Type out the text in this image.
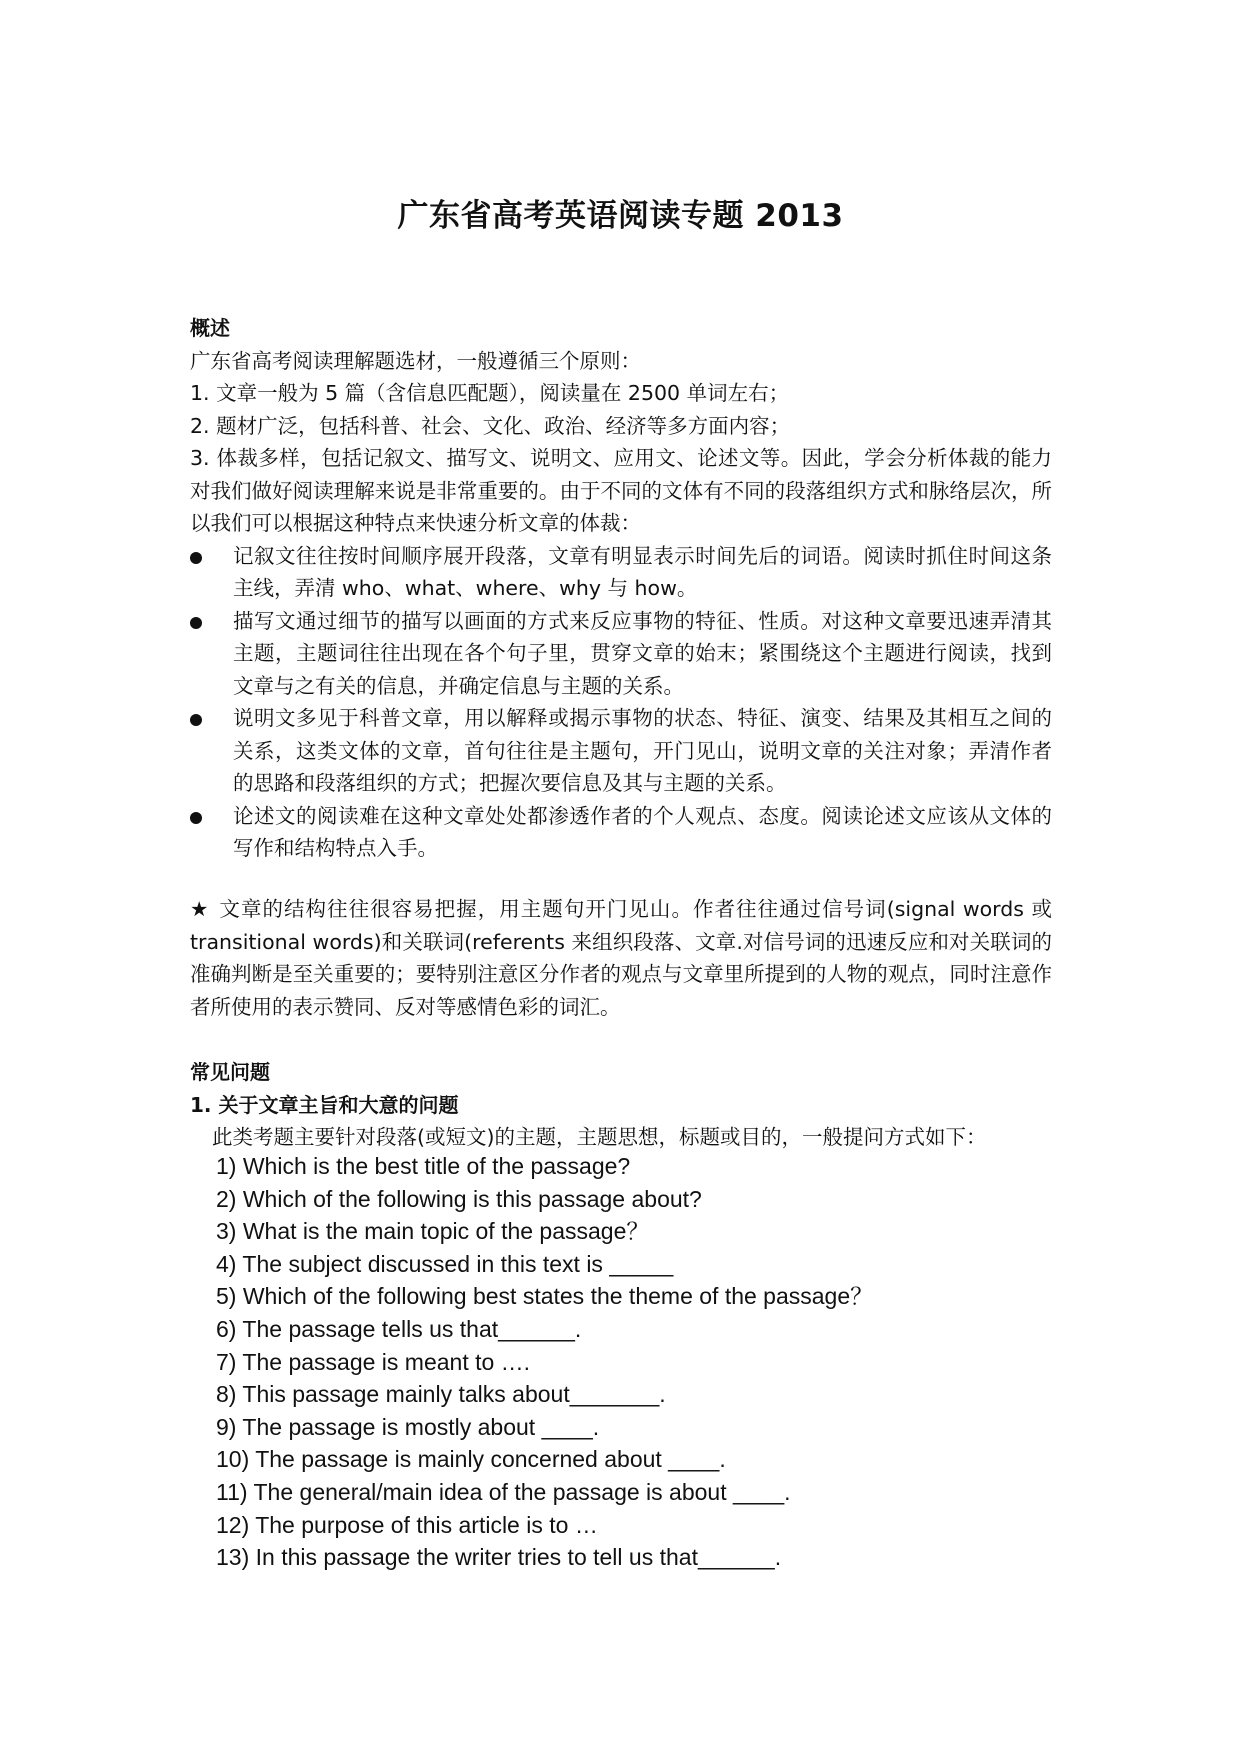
广东省高考英语阅读专题 2013
概述

广东省高考阅读理解题选材，一般遵循三个原则：

1. 文章一般为 5 篇（含信息匹配题），阅读量在 2500 单词左右；

2. 题材广泛，包括科普、社会、文化、政治、经济等多方面内容；

3. 体裁多样，包括记叙文、描写文、说明文、应用文、论述文等。因此，学会分析体裁的能力对我们做好阅读理解来说是非常重要的。由于不同的文体有不同的段落组织方式和脉络层次，所以我们可以根据这种特点来快速分析文章的体裁：

记叙文往往按时间顺序展开段落，文章有明显表示时间先后的词语。阅读时抓住时间这条主线，弄清 who、what、where、why 与 how。
描写文通过细节的描写以画面的方式来反应事物的特征、性质。对这种文章要迅速弄清其主题，主题词往往出现在各个句子里，贯穿文章的始末；紧围绕这个主题进行阅读，找到文章与之有关的信息，并确定信息与主题的关系。
说明文多见于科普文章，用以解释或揭示事物的状态、特征、演变、结果及其相互之间的关系，这类文体的文章，首句往往是主题句，开门见山，说明文章的关注对象；弄清作者的思路和段落组织的方式；把握次要信息及其与主题的关系。
论述文的阅读难在这种文章处处都渗透作者的个人观点、态度。阅读论述文应该从文体的写作和结构特点入手。

★ 文章的结构往往很容易把握，用主题句开门见山。作者往往通过信号词(signal words 或 transitional words)和关联词(referents 来组织段落、文章.对信号词的迅速反应和对关联词的准确判断是至关重要的；要特别注意区分作者的观点与文章里所提到的人物的观点，同时注意作者所使用的表示赞同、反对等感情色彩的词汇。

常见问题
1. 关于文章主旨和大意的问题

此类考题主要针对段落(或短文)的主题，主题思想，标题或目的，一般提问方式如下：

1) Which is the best title of the passage?
2) Which of the following is this passage about?
3) What is the main topic of the passage？
4) The subject discussed in this text is _____
5) Which of the following best states the theme of the passage？
6) The passage tells us that______.
7) The passage is meant to ….
8) This passage mainly talks about_______.
9) The passage is mostly about ____.
10) The passage is mainly concerned about ____.
11) The general/main idea of the passage is about ____.
12) The purpose of this article is to …
13) In this passage the writer tries to tell us that______.
